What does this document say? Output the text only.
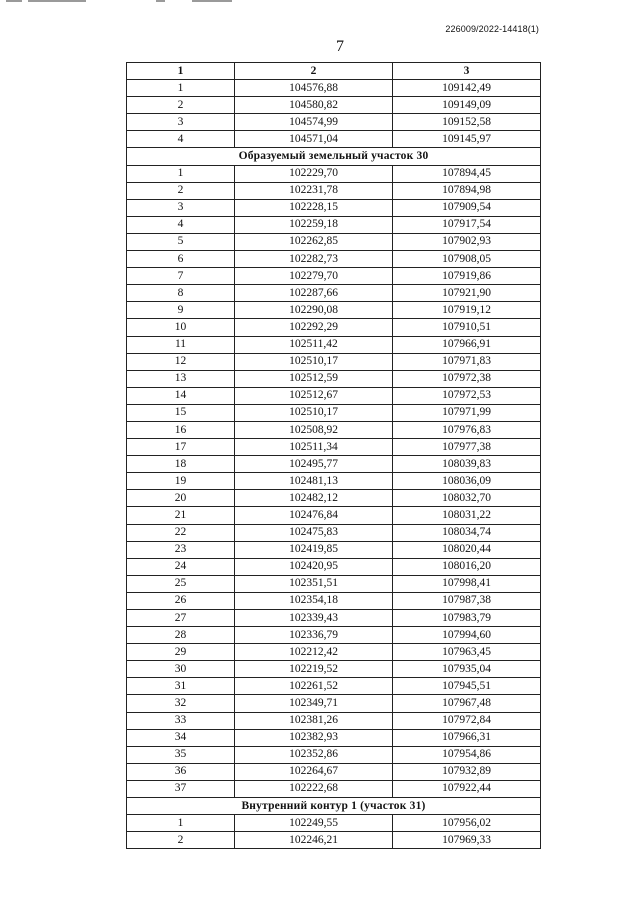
226009/2022-14418(1)
7
1	2	3
1	104576,88	109142,49
2	104580,82	109149,09
3	104574,99	109152,58
4	104571,04	109145,97
Образуемый земельный участок 30		
1	102229,70	107894,45
2	102231,78	107894,98
3	102228,15	107909,54
4	102259,18	107917,54
5	102262,85	107902,93
6	102282,73	107908,05
7	102279,70	107919,86
8	102287,66	107921,90
9	102290,08	107919,12
10	102292,29	107910,51
11	102511,42	107966,91
12	102510,17	107971,83
13	102512,59	107972,38
14	102512,67	107972,53
15	102510,17	107971,99
16	102508,92	107976,83
17	102511,34	107977,38
18	102495,77	108039,83
19	102481,13	108036,09
20	102482,12	108032,70
21	102476,84	108031,22
22	102475,83	108034,74
23	102419,85	108020,44
24	102420,95	108016,20
25	102351,51	107998,41
26	102354,18	107987,38
27	102339,43	107983,79
28	102336,79	107994,60
29	102212,42	107963,45
30	102219,52	107935,04
31	102261,52	107945,51
32	102349,71	107967,48
33	102381,26	107972,84
34	102382,93	107966,31
35	102352,86	107954,86
36	102264,67	107932,89
37	102222,68	107922,44
Внутренний контур 1 (участок 31)		
1	102249,55	107956,02
2	102246,21	107969,33
